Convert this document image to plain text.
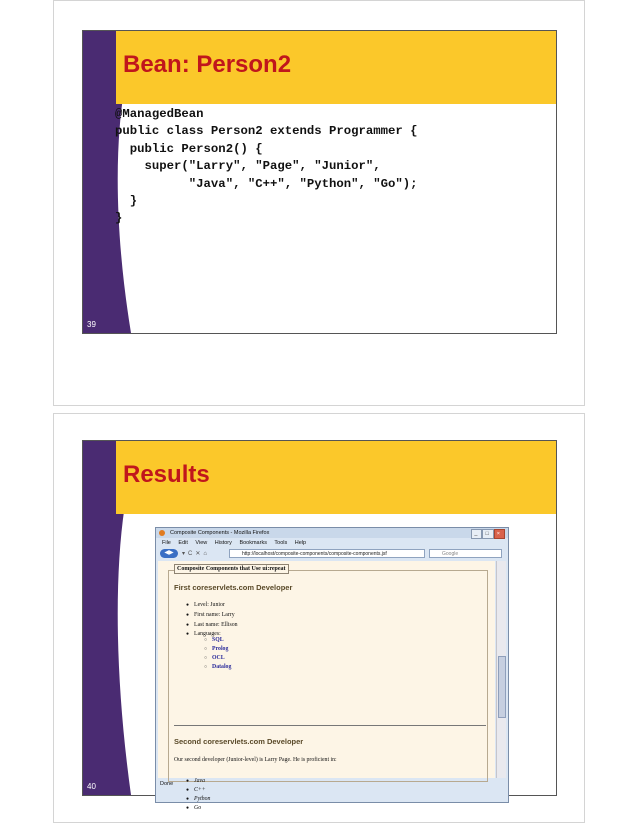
Bean: Person2
@ManagedBean
public class Person2 extends Programmer {
public Person2() {
super("Larry", "Page", "Junior",
"Java", "C++", "Python", "Go");
}
}
39
Results
40
Composite Components - Mozilla Firefox	_ □ ×
File Edit View History Bookmarks Tools Help
◀▶	▾C✕⌂	http://localhost/composite-components/composite-components.jsf	Google
Composite Components that Use ui:repeat
First coreservlets.com Developer
● Level: Junior
● First name: Larry
● Last name: Ellison
● Languages:
○ SQL
○ Prolog
○ OCL
○ Datalog
Second coreservlets.com Developer
Our second developer (Junior-level) is Larry Page. He is proficient in:
● Java
● C++
● Python
● Go
Done
